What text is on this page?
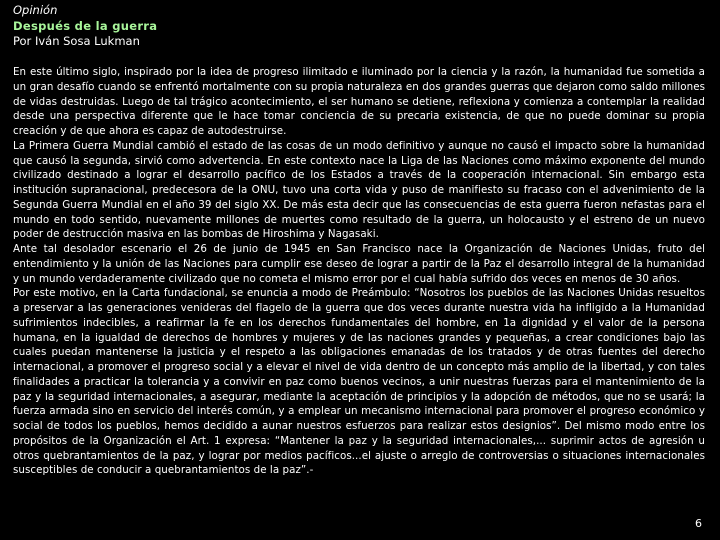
Opinión
Después de la guerra
Por Iván Sosa Lukman

En este último siglo, inspirado por la idea de progreso ilimitado e iluminado por la ciencia y la razón, la humanidad fue sometida a un gran desafío cuando se enfrentó mortalmente con su propia naturaleza en dos grandes guerras que dejaron como saldo millones de vidas destruidas. Luego de tal trágico acontecimiento, el ser humano se detiene, reflexiona y comienza a contemplar la realidad desde una perspectiva diferente que le hace tomar conciencia de su precaria existencia, de que no puede dominar su propia creación y de que ahora es capaz de autodestruirse.

La Primera Guerra Mundial cambió el estado de las cosas de un modo definitivo y aunque no causó el impacto sobre la humanidad que causó la segunda, sirvió como advertencia. En este contexto nace la Liga de las Naciones como máximo exponente del mundo civilizado destinado a lograr el desarrollo pacífico de los Estados a través de la cooperación internacional. Sin embargo esta institución supranacional, predecesora de la ONU, tuvo una corta vida y puso de manifiesto su fracaso con el advenimiento de la Segunda Guerra Mundial en el año 39 del siglo XX. De más esta decir que las consecuencias de esta guerra fueron nefastas para el mundo en todo sentido, nuevamente millones de muertes como resultado de la guerra, un holocausto y el estreno de un nuevo poder de destrucción masiva en las bombas de Hiroshima y Nagasaki.

Ante tal desolador escenario el 26 de junio de 1945 en San Francisco nace la Organización de Naciones Unidas, fruto del entendimiento y la unión de las Naciones para cumplir ese deseo de lograr a partir de la Paz el desarrollo integral de la humanidad y un mundo verdaderamente civilizado que no cometa el mismo error por el cual había sufrido dos veces en menos de 30 años.

Por este motivo, en la Carta fundacional, se enuncia a modo de Preámbulo: “Nosotros los pueblos de las Naciones Unidas resueltos a preservar a las generaciones venideras del flagelo de la guerra que dos veces durante nuestra vida ha infligido a la Humanidad sufrimientos indecibles, a reafirmar la fe en los derechos fundamentales del hombre, en 1a dignidad y el valor de la persona humana, en la igualdad de derechos de hombres y mujeres y de las naciones grandes y pequeñas, a crear condiciones bajo las cuales puedan mantenerse la justicia y el respeto a las obligaciones emanadas de los tratados y de otras fuentes del derecho internacional, a promover el progreso social y a elevar el nivel de vida dentro de un concepto más amplio de la libertad, y con tales finalidades a practicar la tolerancia y a convivir en paz como buenos vecinos, a unir nuestras fuerzas para el mantenimiento de la paz y la seguridad internacionales, a asegurar, mediante la aceptación de principios y la adopción de métodos, que no se usará; la fuerza armada sino en servicio del interés común, y a emplear un mecanismo internacional para promover el progreso económico y social de todos los pueblos, hemos decidido a aunar nuestros esfuerzos para realizar estos designios”. Del mismo modo entre los propósitos de la Organización el Art. 1 expresa: “Mantener la paz y la seguridad internacionales,... suprimir actos de agresión u otros quebrantamientos de la paz, y lograr por medios pacíficos...el ajuste o arreglo de controversias o situaciones internacionales susceptibles de conducir a quebrantamientos de la paz”.-

6
